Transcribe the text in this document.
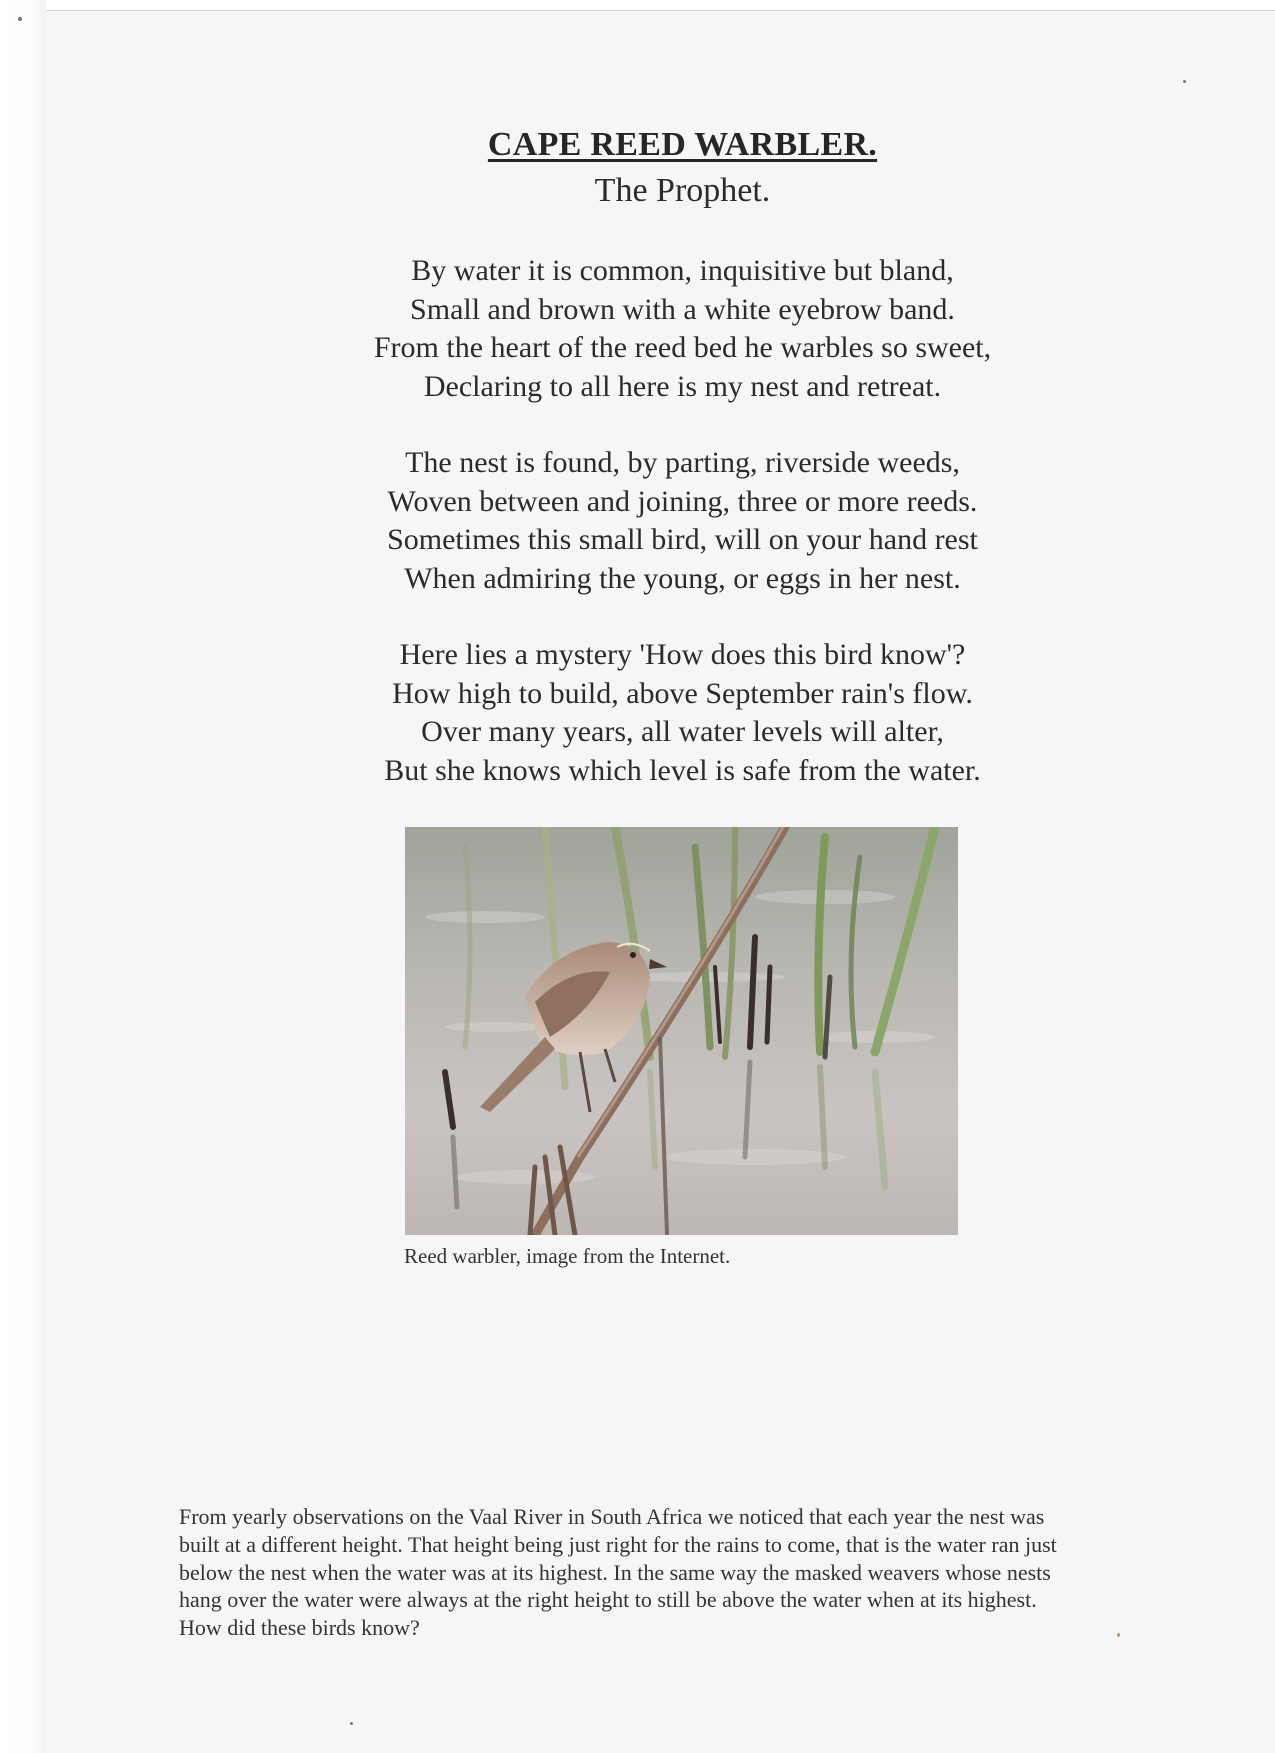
CAPE REED WARBLER.
The Prophet.
By water it is common, inquisitive but bland,
Small and brown with a white eyebrow band.
From the heart of the reed bed he warbles so sweet,
Declaring to all here is my nest and retreat.
The nest is found, by parting, riverside weeds,
Woven between and joining, three or more reeds.
Sometimes this small bird, will on your hand rest
When admiring the young, or eggs in her nest.
Here lies a mystery 'How does this bird know'?
How high to build, above September rain's flow.
Over many years, all water levels will alter,
But she knows which level is safe from the water.
Reed warbler, image from the Internet.
From yearly observations on the Vaal River in South Africa we noticed that each year the nest was
built at a different height. That height being just right for the rains to come, that is the water ran just
below the nest when the water was at its highest. In the same way the masked weavers whose nests
hang over the water were always at the right height to still be above the water when at its highest.
How did these birds know?
